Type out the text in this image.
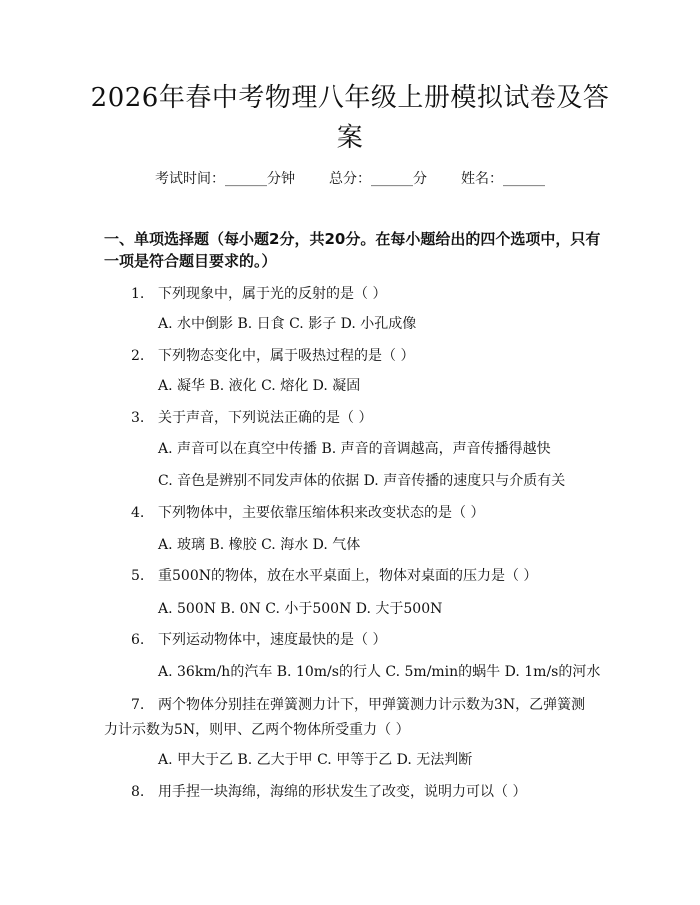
2026年春中考物理八年级上册模拟试卷及答案
考试时间：______分钟 总分：______分 姓名：______
一、单项选择题（每小题2分，共20分。在每小题给出的四个选项中，只有一项是符合题目要求的。）
1. 下列现象中，属于光的反射的是（ ）
A. 水中倒影 B. 日食 C. 影子 D. 小孔成像
2. 下列物态变化中，属于吸热过程的是（ ）
A. 凝华 B. 液化 C. 熔化 D. 凝固
3. 关于声音，下列说法正确的是（ ）
A. 声音可以在真空中传播 B. 声音的音调越高，声音传播得越快
C. 音色是辨别不同发声体的依据 D. 声音传播的速度只与介质有关
4. 下列物体中，主要依靠压缩体积来改变状态的是（ ）
A. 玻璃 B. 橡胶 C. 海水 D. 气体
5. 重500N的物体，放在水平桌面上，物体对桌面的压力是（ ）
A. 500N B. 0N C. 小于500N D. 大于500N
6. 下列运动物体中，速度最快的是（ ）
A. 36km/h的汽车 B. 10m/s的行人 C. 5m/min的蜗牛 D. 1m/s的河水
7. 两个物体分别挂在弹簧测力计下，甲弹簧测力计示数为3N，乙弹簧测力计示数为5N，则甲、乙两个物体所受重力（ ）
A. 甲大于乙 B. 乙大于甲 C. 甲等于乙 D. 无法判断
8. 用手捏一块海绵，海绵的形状发生了改变，说明力可以（ ）
